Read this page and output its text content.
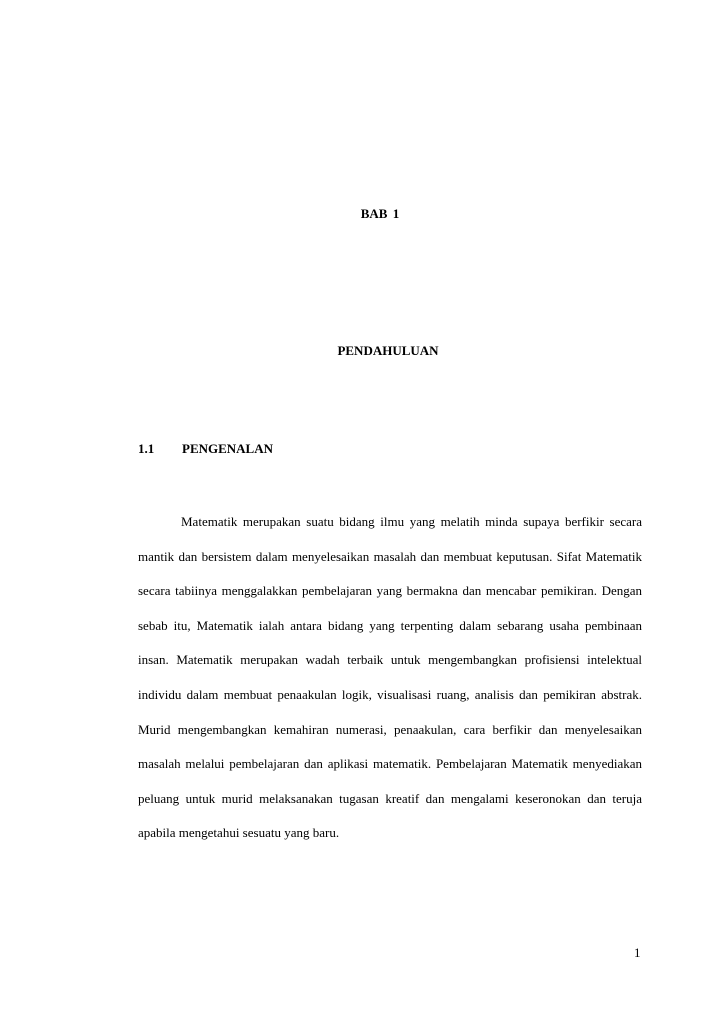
BAB 1
PENDAHULUAN
1.1 PENGENALAN

Matematik merupakan suatu bidang ilmu yang melatih minda supaya berfikir secara mantik dan bersistem dalam menyelesaikan masalah dan membuat keputusan. Sifat Matematik secara tabiinya menggalakkan pembelajaran yang bermakna dan mencabar pemikiran. Dengan sebab itu, Matematik ialah antara bidang yang terpenting dalam sebarang usaha pembinaan insan. Matematik merupakan wadah terbaik untuk mengembangkan profisiensi intelektual individu dalam membuat penaakulan logik, visualisasi ruang, analisis dan pemikiran abstrak. Murid mengembangkan kemahiran numerasi, penaakulan, cara berfikir dan menyelesaikan masalah melalui pembelajaran dan aplikasi matematik. Pembelajaran Matematik menyediakan peluang untuk murid melaksanakan tugasan kreatif dan mengalami keseronokan dan teruja apabila mengetahui sesuatu yang baru.

1
